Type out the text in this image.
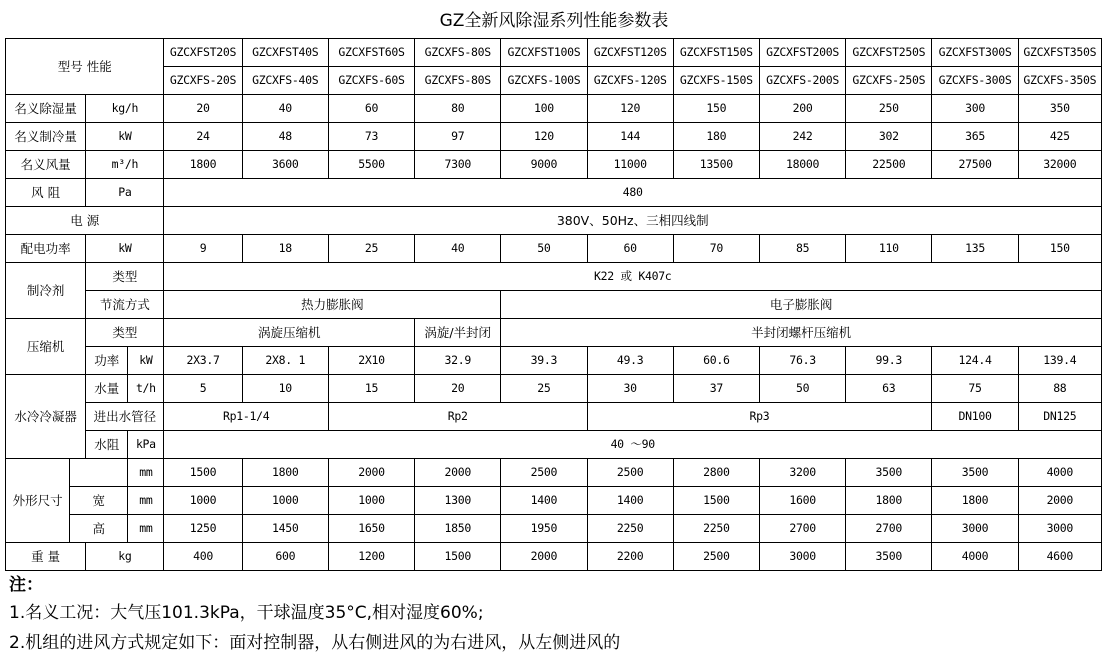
GZ全新风除湿系列性能参数表
型号 性能				GZCXFST20S	GZCXFST40S	GZCXFST60S	GZCXFS-80S	GZCXFST100S	GZCXFST120S	GZCXFST150S	GZCXFST200S	GZCXFST250S	GZCXFST300S	GZCXFST350S
				GZCXFS-20S	GZCXFS-40S	GZCXFS-60S	GZCXFS-80S	GZCXFS-100S	GZCXFS-120S	GZCXFS-150S	GZCXFS-200S	GZCXFS-250S	GZCXFS-300S	GZCXFS-350S
名义除湿量		kg/h		20	40	60	80	100	120	150	200	250	300	350
名义制冷量		kW		24	48	73	97	120	144	180	242	302	365	425
名义风量		m³/h		1800	3600	5500	7300	9000	11000	13500	18000	22500	27500	32000
风 阻		Pa		480										
电 源				380V、50Hz、三相四线制										
配电功率		kW		9	18	25	40	50	60	70	85	110	135	150
制冷剂		类型		K22 或 K407c										
		节流方式		热力膨胀阀				电子膨胀阀						
压缩机		类型		涡旋压缩机			涡旋/半封闭	半封闭螺杆压缩机						
		功率	kW	2X3.7	2X8. 1	2X10	32.9	39.3	49.3	60.6	76.3	99.3	124.4	139.4
水冷冷凝器		水量	t/h	5	10	15	20	25	30	37	50	63	75	88
		进出水管径		Rp1-1/4		Rp2			Rp3				DN100	DN125
		水阻	kPa	40 ～90										
外形尺寸			mm	1500	1800	2000	2000	2500	2500	2800	3200	3500	3500	4000
	宽		mm	1000	1000	1000	1300	1400	1400	1500	1600	1800	1800	2000
	高		mm	1250	1450	1650	1850	1950	2250	2250	2700	2700	3000	3000
重 量		kg		400	600	1200	1500	2000	2200	2500	3000	3500	4000	4600
注：
1.名义工况：大气压101.3kPa，干球温度35°C,相对湿度60%;
2.机组的进风方式规定如下：面对控制器，从右侧进风的为右进风，从左侧进风的
